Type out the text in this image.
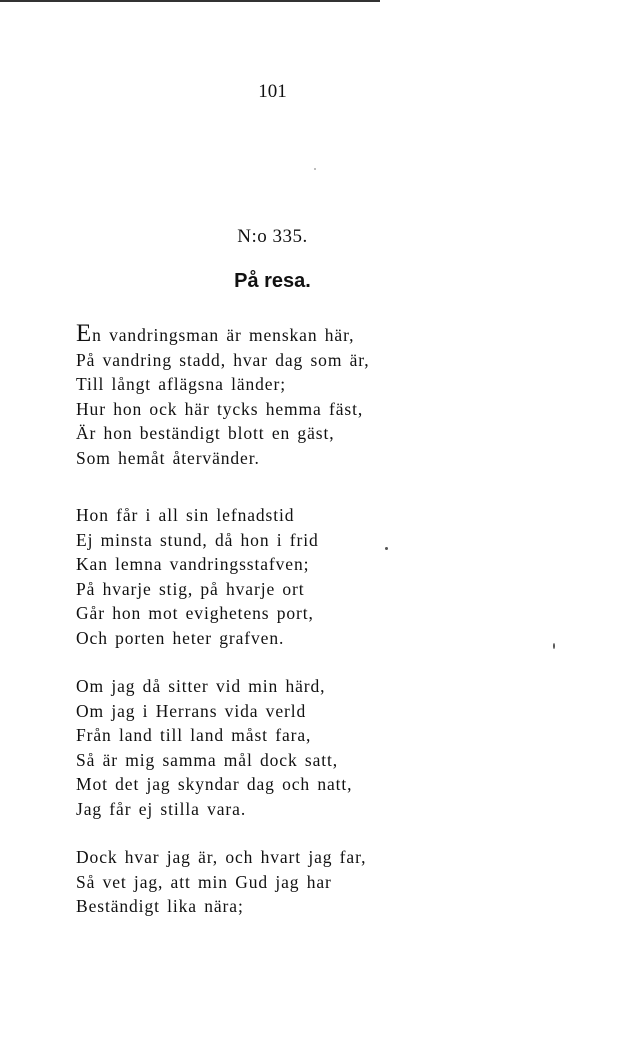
101
N:o 335.
På resa.
En vandringsman är menskan här,
På vandring stadd, hvar dag som är,
Till långt aflägsna länder;
Hur hon ock här tycks hemma fäst,
Är hon beständigt blott en gäst,
Som hemåt återvänder.
Hon får i all sin lefnadstid
Ej minsta stund, då hon i frid
Kan lemna vandringsstafven;
På hvarje stig, på hvarje ort
Går hon mot evighetens port,
Och porten heter grafven.
Om jag då sitter vid min härd,
Om jag i Herrans vida verld
Från land till land måst fara,
Så är mig samma mål dock satt,
Mot det jag skyndar dag och natt,
Jag får ej stilla vara.
Dock hvar jag är, och hvart jag far,
Så vet jag, att min Gud jag har
Beständigt lika nära;
